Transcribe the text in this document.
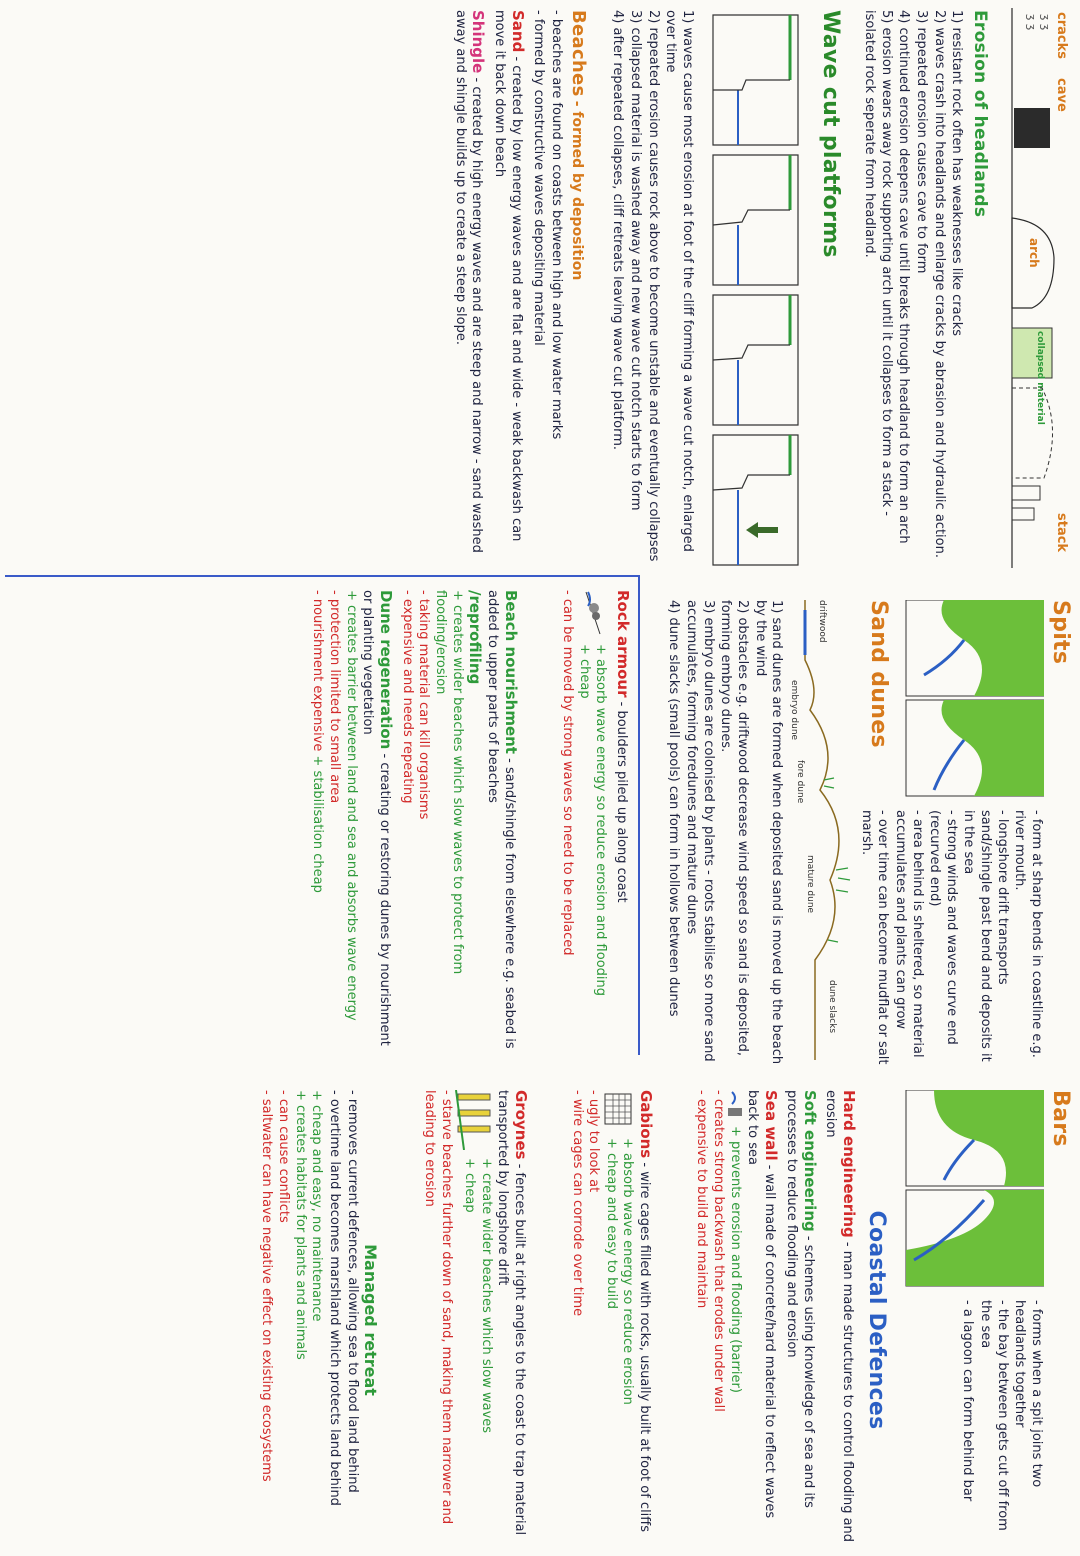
cracks
ʒ ʒ
ʒ ʒ
cave
arch
collapsed material
stack
Erosion of headlands
1) resistant rock often has weaknesses like cracks
2) waves crash into headlands and enlarge cracks by abrasion and hydraulic action.
3) repeated erosion causes cave to form
4) continued erosion deepens cave until breaks through headland to form an arch
5) erosion wears away rock supporting arch until it collapses to form a stack - isolated rock seperate from headland.
Wave cut platforms
1) waves cause most erosion at foot of the cliff forming a wave cut notch, enlarged over time
2) repeated erosion causes rock above to become unstable and eventually collapses
3) collapsed material is washed away and new wave cut notch starts to form
4) after repeated collapses, cliff retreats leaving wave cut platform.
Beaches - formed by deposition
- beaches are found on coasts between high and low water marks
- formed by constructive waves depositing material
Sand - created by low energy waves and are flat and wide - weak backwash can move it back down beach
Shingle - created by high energy waves and are steep and narrow - sand washed away and shingle builds up to create a steep slope.
Spits
- form at sharp bends in coastline e.g. river mouth.
- longshore drift transports sand/shingle past bend and deposits it in the sea
- strong winds and waves curve end (recurved end)
- area behind is sheltered, so material accumulates and plants can grow
- over time can become mudflat or salt marsh.
Sand dunes
driftwood
embryo dune
fore dune
mature dune
dune slacks
1) sand dunes are formed when deposited sand is moved up the beach by the wind
2) obstacles e.g. driftwood decrease wind speed so sand is deposited, forming embryo dunes.
3) embryo dunes are colonised by plants - roots stabilise so more sand accumulates, forming foredunes and mature dunes
4) dune slacks (small pools) can form in hollows between dunes
Rock armour - boulders piled up along coast
+ absorb wave energy so reduce erosion and flooding
+ cheap
- can be moved by strong waves so need to be replaced
Beach nourishment - sand/shingle from elsewhere e.g. seabed is added to upper parts of beaches
/reprofiling
+ creates wider beaches which slow waves to protect from flooding/erosion
- taking material can kill organisms
- expensive and needs repeating
Dune regeneration - creating or restoring dunes by nourishment or planting vegetation
+ creates barrier between land and sea and absorbs wave energy
- protection limited to small area
- nourishment expensive + stabilisation cheap
Bars
- forms when a spit joins two headlands together
- the bay between gets cut off from the sea
- a lagoon can form behind bar
Coastal Defences
Hard engineering - man made structures to control flooding and erosion
Soft engineering - schemes using knowledge of sea and its processes to reduce flooding and erosion
Sea wall - wall made of concrete/hard material to reflect waves back to sea
+ prevents erosion and flooding (barrier)
- creates strong backwash that erodes under wall
- expensive to build and maintain
Gabions - wire cages filled with rocks, usually built at foot of cliffs
+ absorb wave energy so reduce erosion
+ cheap and easy to build
- ugly to look at
- wire cages can corrode over time
Groynes - fences built at right angles to the coast to trap material transported by longshore drift
+ create wider beaches which slow waves
+ cheap
- starve beaches further down of sand, making them narrower and leading to erosion
Managed retreat
- removes current defences, allowing sea to flood land behind
- overtime land becomes marshland which protects land behind
+ cheap and easy, no maintenance
+ creates habitats for plants and animals
- can cause conflicts
- saltwater can have negative effect on existing ecosystems
